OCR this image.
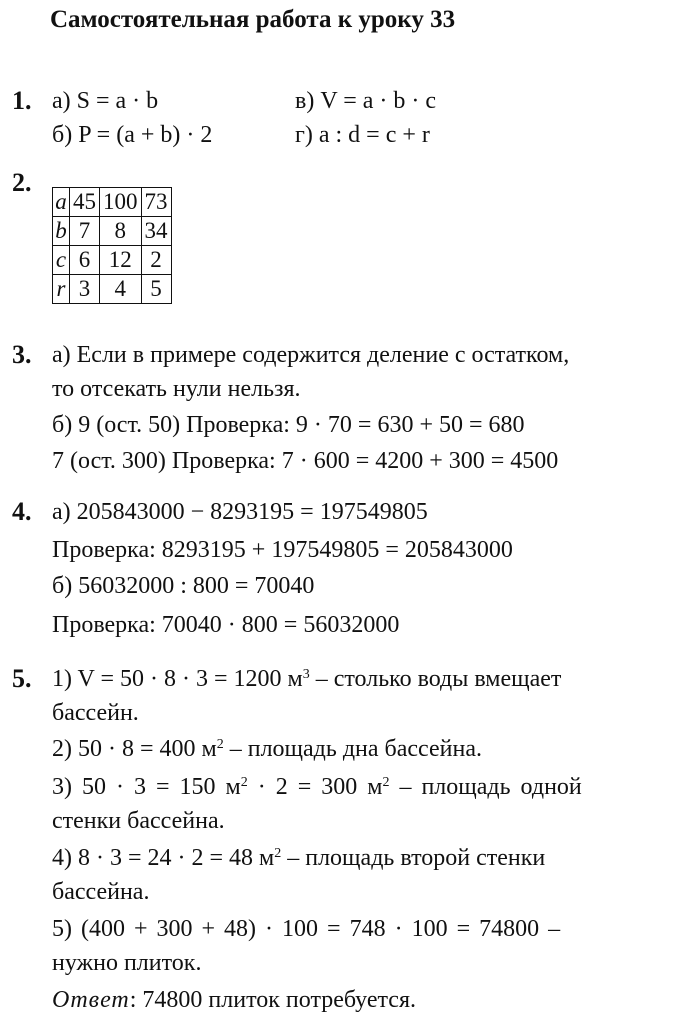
Самостоятельная работа к уроку 33
1. а) S = a · b	в) V = a · b · c
б) P = (a + b) · 2	г) a : d = c + r
2.
a	45	100	73
b	7	8	34
c	6	12	2
r	3	4	5
3. а) Если в примере содержится деление с остатком,
то отсекать нули нельзя.
б) 9 (ост. 50) Проверка: 9 · 70 = 630 + 50 = 680
7 (ост. 300) Проверка: 7 · 600 = 4200 + 300 = 4500
4. а) 205843000 − 8293195 = 197549805
Проверка: 8293195 + 197549805 = 205843000
б) 56032000 : 800 = 70040
Проверка: 70040 · 800 = 56032000
5. 1) V = 50 · 8 · 3 = 1200 $м^3$ – столько воды вмещает
бассейн.
2) 50 · 8 = 400 $м^2$ – площадь дна бассейна.
3) 50 · 3 = 150 $м^2 \cdot 2 = 300$ $м^2$ – площадь одной
стенки бассейна.
4) 8 · 3 = 24 · 2 = 48 $м^2$ – площадь второй стенки
бассейна.
5) (400 + 300 + 48) · 100 = 748 · 100 = 74800 –
нужно плиток.
Ответ: 74800 плиток потребуется.
